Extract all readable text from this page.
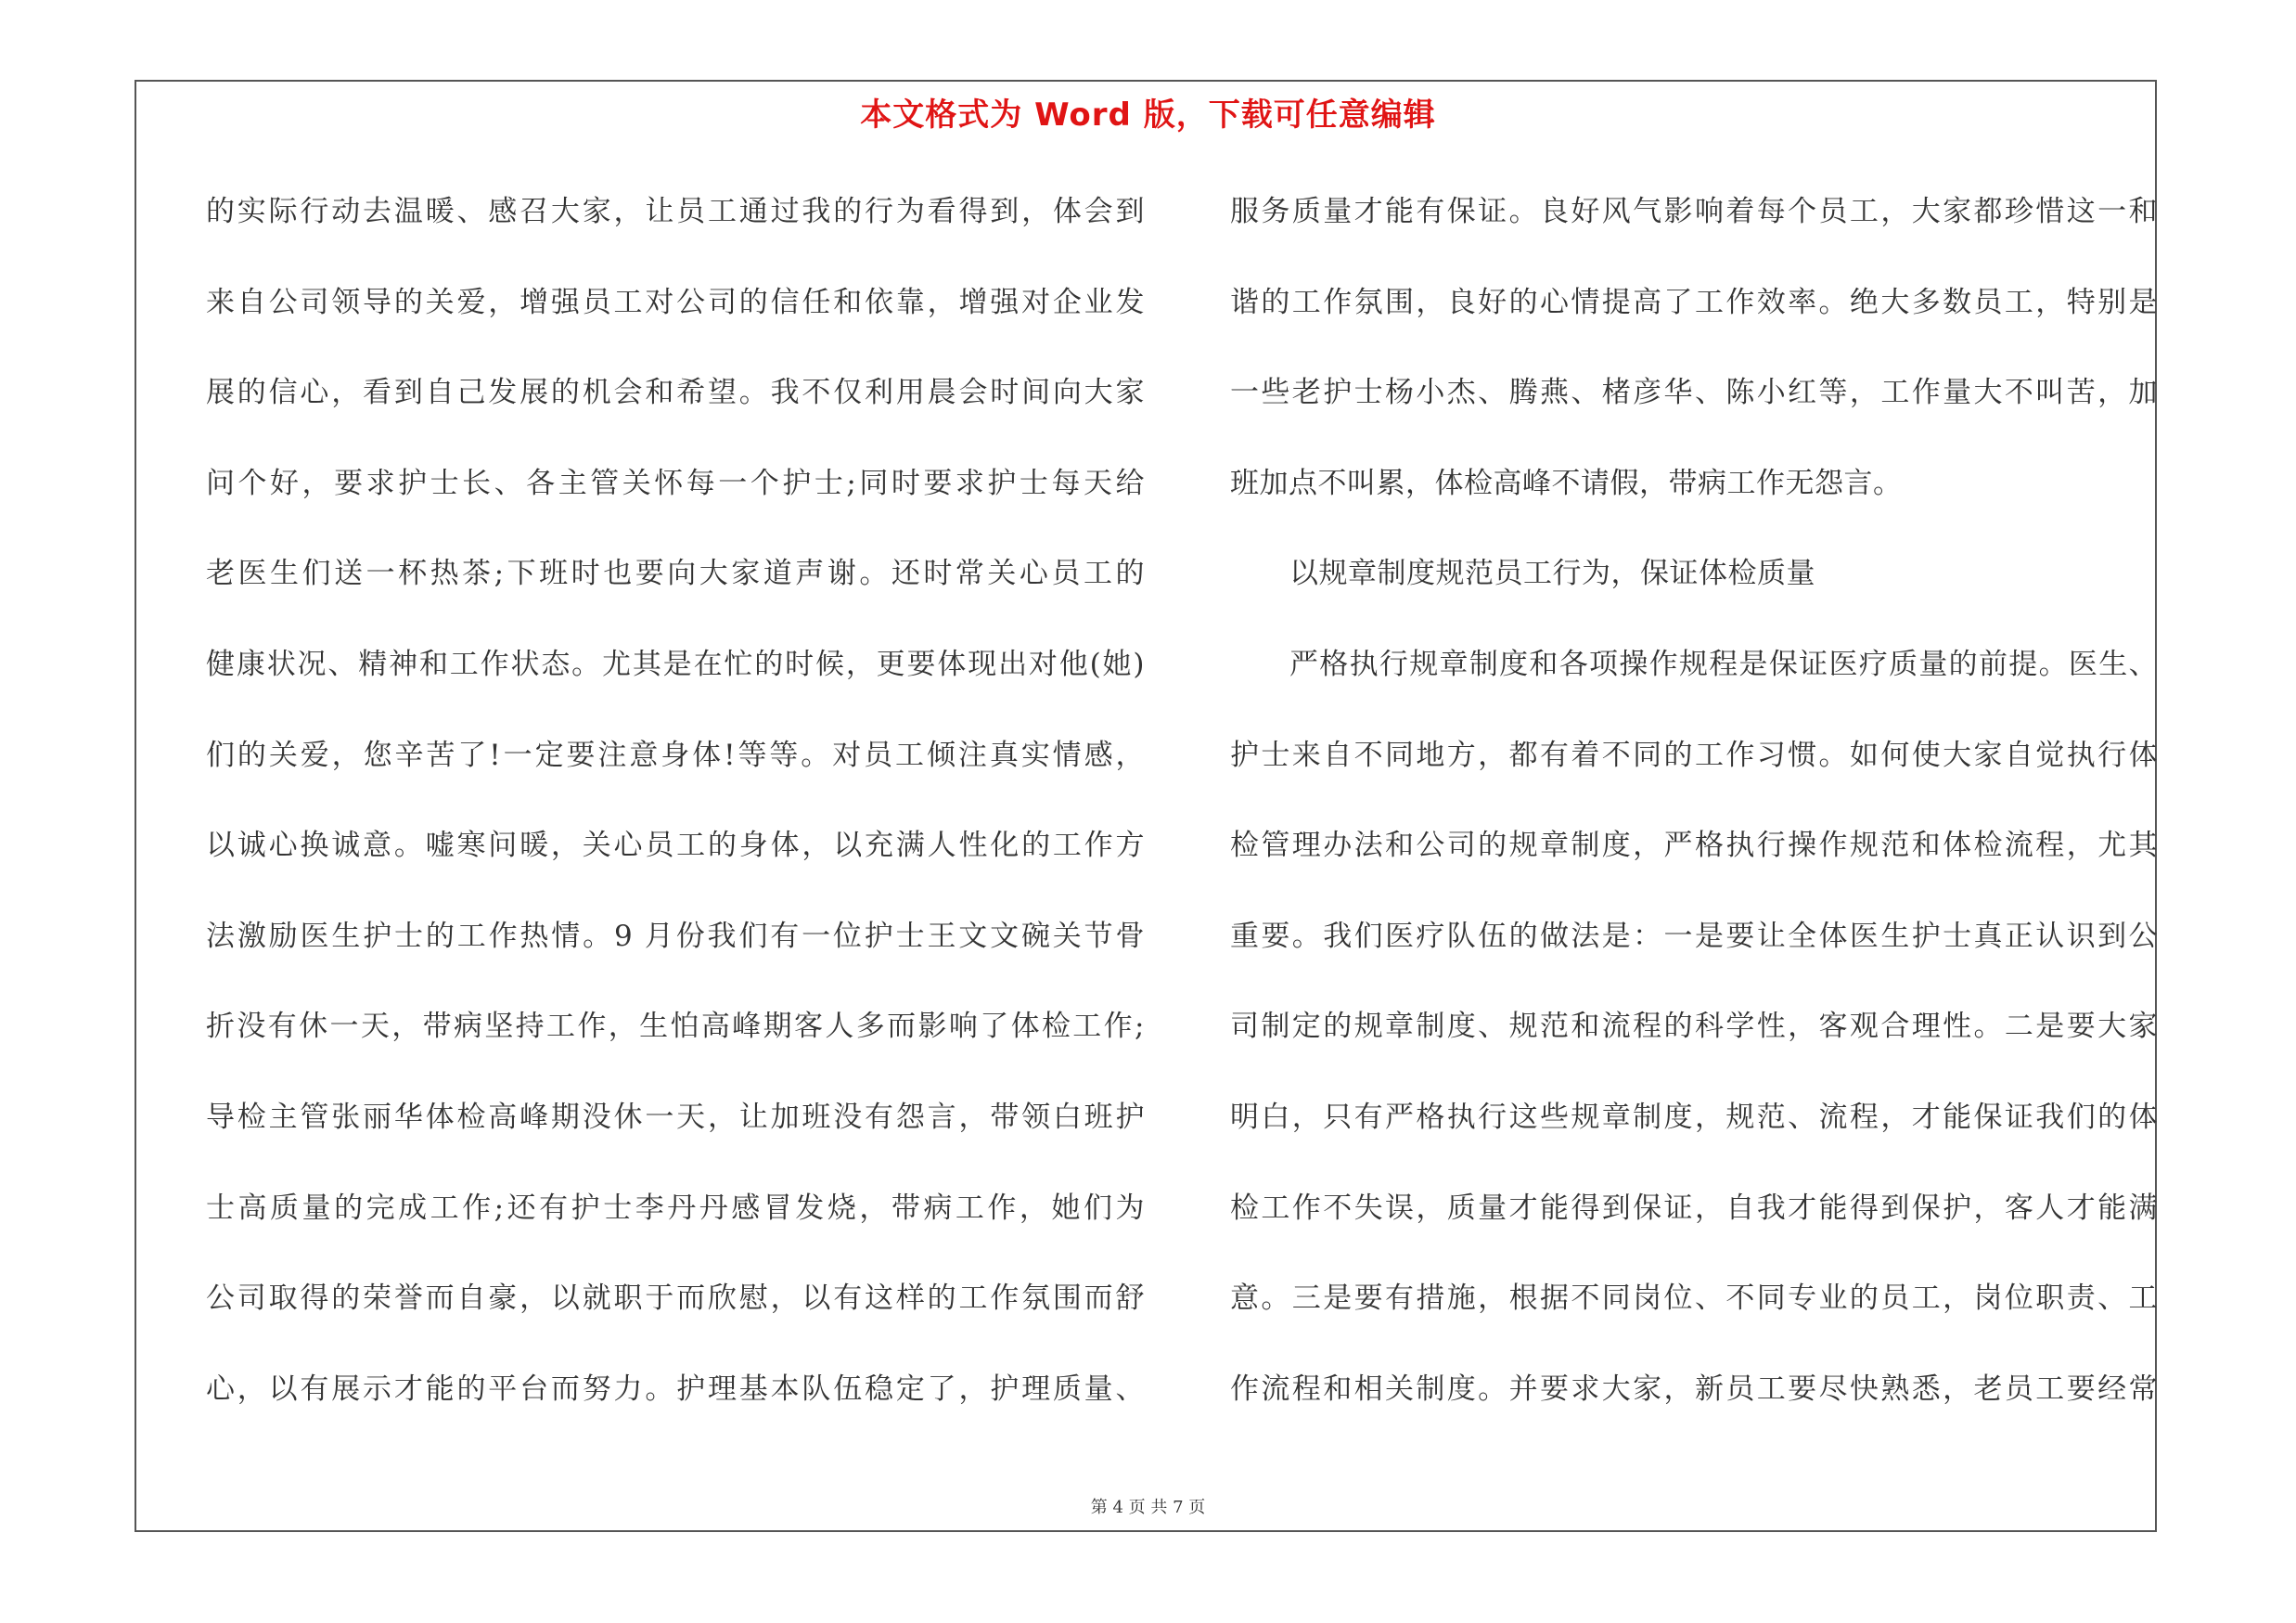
本文格式为 Word 版，下载可任意编辑
的实际行动去温暖、感召大家，让员工通过我的行为看得到，体会到
来自公司领导的关爱，增强员工对公司的信任和依靠，增强对企业发
展的信心，看到自己发展的机会和希望。我不仅利用晨会时间向大家
问个好，要求护士长、各主管关怀每一个护士;同时要求护士每天给
老医生们送一杯热茶;下班时也要向大家道声谢。还时常关心员工的
健康状况、精神和工作状态。尤其是在忙的时候，更要体现出对他(她)
们的关爱，您辛苦了!一定要注意身体!等等。对员工倾注真实情感，
以诚心换诚意。嘘寒问暖，关心员工的身体，以充满人性化的工作方
法激励医生护士的工作热情。9 月份我们有一位护士王文文碗关节骨
折没有休一天，带病坚持工作，生怕高峰期客人多而影响了体检工作;
导检主管张丽华体检高峰期没休一天，让加班没有怨言，带领白班护
士高质量的完成工作;还有护士李丹丹感冒发烧，带病工作，她们为
公司取得的荣誉而自豪，以就职于而欣慰，以有这样的工作氛围而舒
心，以有展示才能的平台而努力。护理基本队伍稳定了，护理质量、
服务质量才能有保证。良好风气影响着每个员工，大家都珍惜这一和
谐的工作氛围，良好的心情提高了工作效率。绝大多数员工，特别是
一些老护士杨小杰、腾燕、楮彦华、陈小红等，工作量大不叫苦，加
班加点不叫累，体检高峰不请假，带病工作无怨言。
以规章制度规范员工行为，保证体检质量
严格执行规章制度和各项操作规程是保证医疗质量的前提。医生、
护士来自不同地方，都有着不同的工作习惯。如何使大家自觉执行体
检管理办法和公司的规章制度，严格执行操作规范和体检流程，尤其
重要。我们医疗队伍的做法是：一是要让全体医生护士真正认识到公
司制定的规章制度、规范和流程的科学性，客观合理性。二是要大家
明白，只有严格执行这些规章制度，规范、流程，才能保证我们的体
检工作不失误，质量才能得到保证，自我才能得到保护，客人才能满
意。三是要有措施，根据不同岗位、不同专业的员工，岗位职责、工
作流程和相关制度。并要求大家，新员工要尽快熟悉，老员工要经常
第 4 页 共 7 页
